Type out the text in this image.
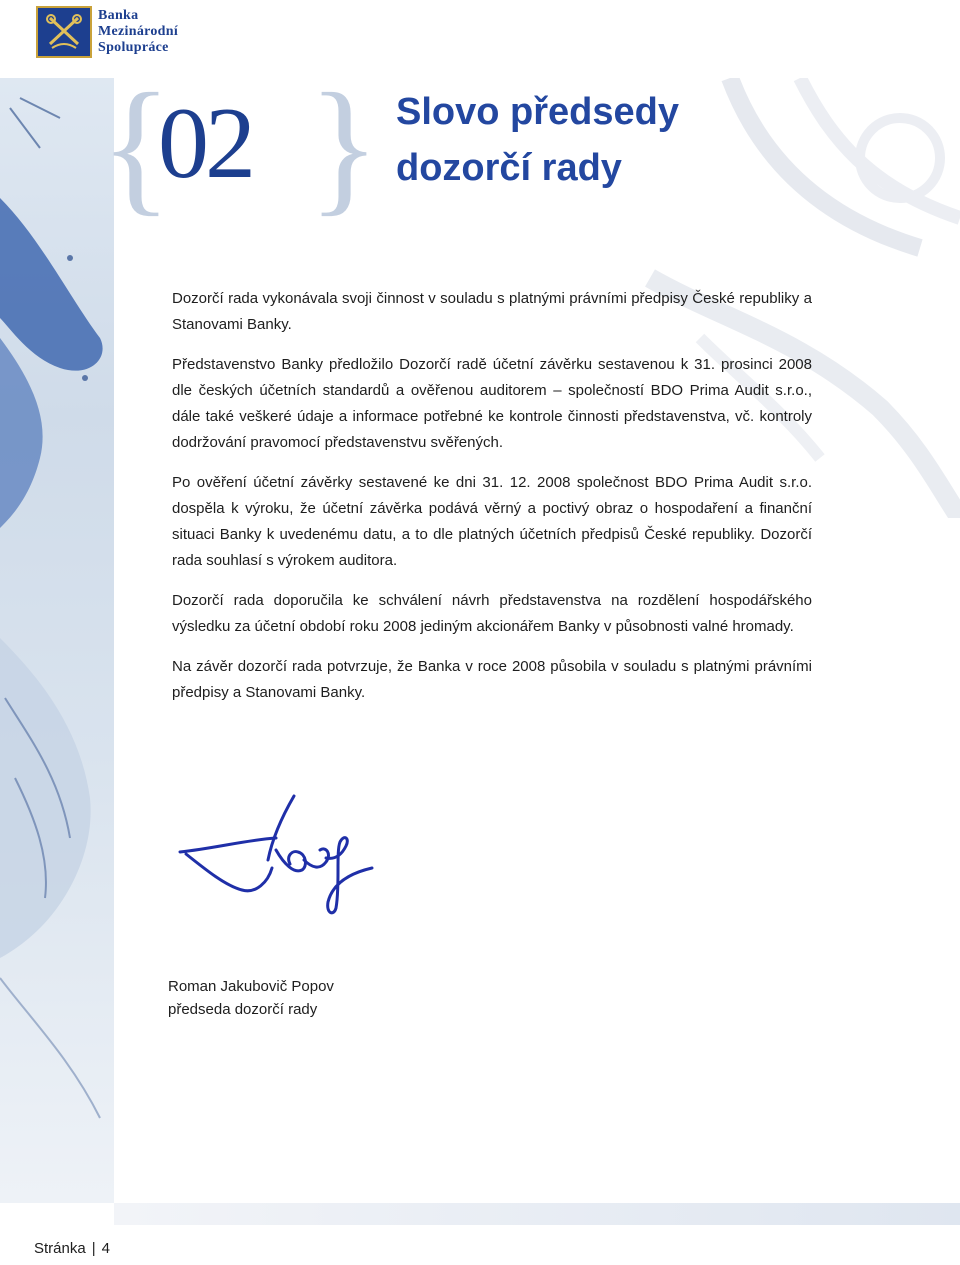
Banka
Mezinárodní
Spolupráce
{
02 } Slovo předsedy
dozorčí rady

Dozorčí rada vykonávala svoji činnost v souladu s platnými právními předpisy České republiky a Stanovami Banky.

Představenstvo Banky předložilo Dozorčí radě účetní závěrku sestavenou k 31. prosinci 2008 dle českých účetních standardů a ověřenou auditorem – společností BDO Prima Audit s.r.o., dále také veškeré údaje a informace potřebné ke kontrole činnosti představenstva, vč. kontroly dodržování pravomocí představenstvu svěřených.

Po ověření účetní závěrky sestavené ke dni 31. 12. 2008 společnost BDO Prima Audit s.r.o. dospěla k výroku, že účetní závěrka podává věrný a poctivý obraz o hospodaření a finanční situaci Banky k uvedenému datu, a to dle platných účetních předpisů České republiky. Dozorčí rada souhlasí s výrokem auditora.

Dozorčí rada doporučila ke schválení návrh představenstva na rozdělení hospodářského výsledku za účetní období roku 2008 jediným akcionářem Banky v působnosti valné hromady.

Na závěr dozorčí rada potvrzuje, že Banka v roce 2008 působila v souladu s platnými právními předpisy a Stanovami Banky.

Roman Jakubovič Popov
předseda dozorčí rady
Stránka | 4
